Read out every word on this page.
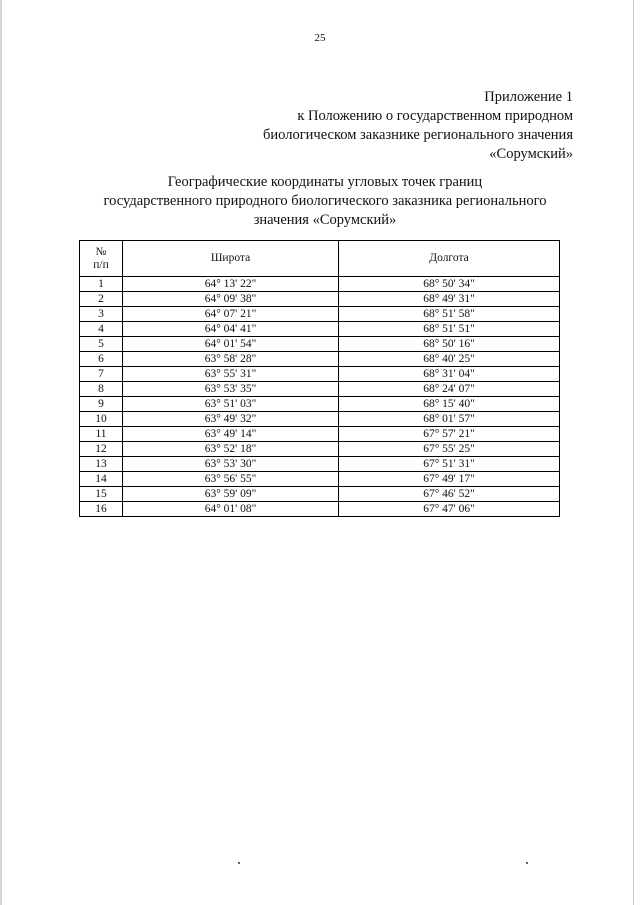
25
Приложение 1
к Положению о государственном природном
биологическом заказнике регионального значения
«Сорумский»
Географические координаты угловых точек границ
государственного природного биологического заказника регионального
значения «Сорумский»
№
п/п	Широта	Долгота
1	64° 13' 22"	68° 50' 34"
2	64° 09' 38"	68° 49' 31"
3	64° 07' 21"	68° 51' 58"
4	64° 04' 41"	68° 51' 51"
5	64° 01' 54"	68° 50' 16"
6	63° 58' 28"	68° 40' 25"
7	63° 55' 31"	68° 31' 04"
8	63° 53' 35"	68° 24' 07"
9	63° 51' 03"	68° 15' 40"
10	63° 49' 32"	68° 01' 57"
11	63° 49' 14"	67° 57' 21"
12	63° 52' 18"	67° 55' 25"
13	63° 53' 30"	67° 51' 31"
14	63° 56' 55"	67° 49' 17"
15	63° 59' 09"	67° 46' 52"
16	64° 01' 08"	67° 47' 06"
